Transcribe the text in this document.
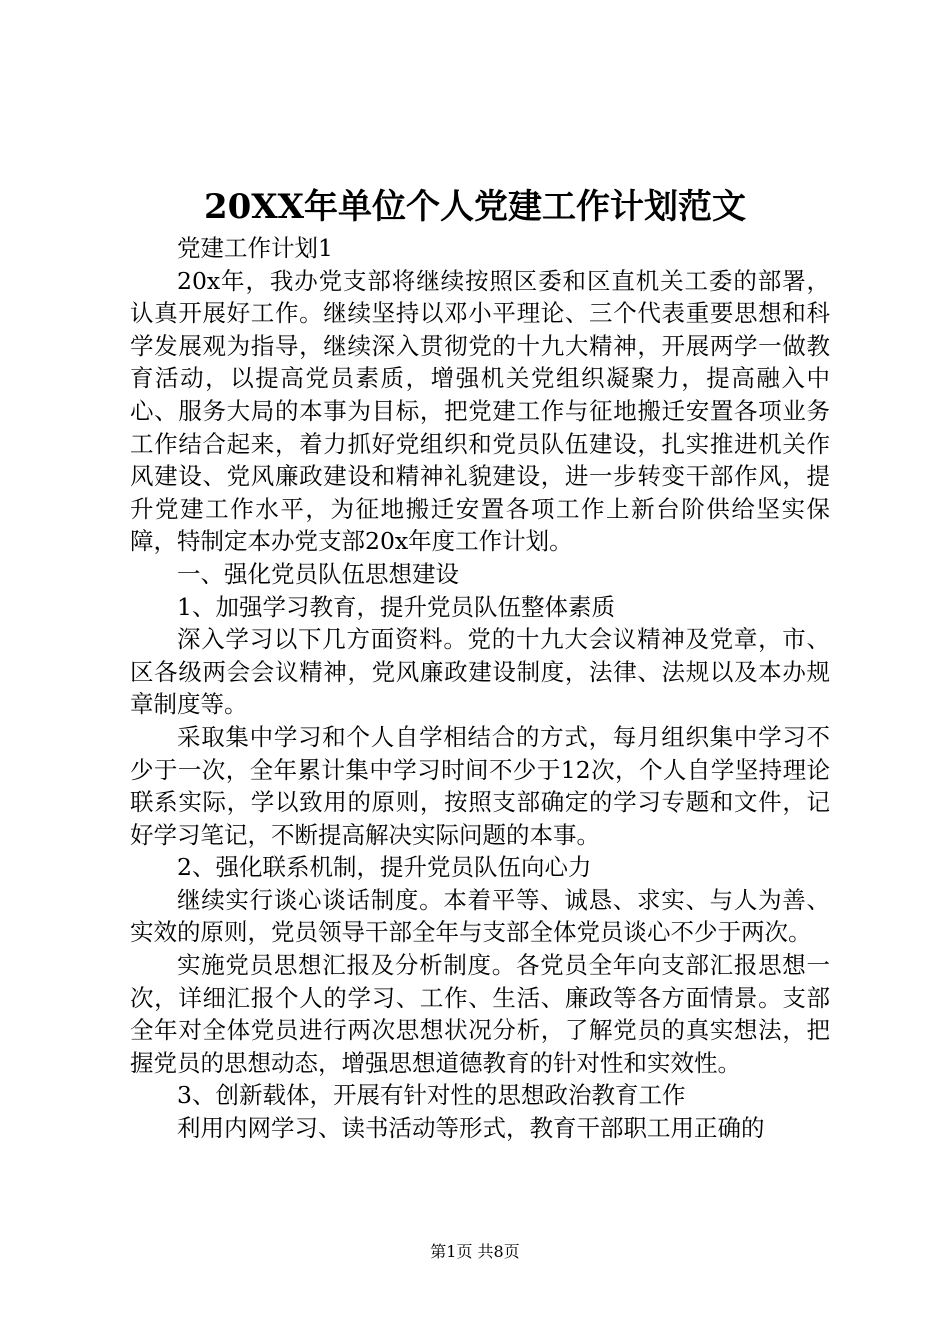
20XX年单位个人党建工作计划范文

党建工作计划1

20x年，我办党支部将继续按照区委和区直机关工委的部署，认真开展好工作。继续坚持以邓小平理论、三个代表重要思想和科学发展观为指导，继续深入贯彻党的十九大精神，开展两学一做教育活动，以提高党员素质，增强机关党组织凝聚力，提高融入中心、服务大局的本事为目标，把党建工作与征地搬迁安置各项业务工作结合起来，着力抓好党组织和党员队伍建设，扎实推进机关作风建设、党风廉政建设和精神礼貌建设，进一步转变干部作风，提升党建工作水平，为征地搬迁安置各项工作上新台阶供给坚实保障，特制定本办党支部20x年度工作计划。

一、强化党员队伍思想建设

1、加强学习教育，提升党员队伍整体素质

深入学习以下几方面资料。党的十九大会议精神及党章，市、区各级两会会议精神，党风廉政建设制度，法律、法规以及本办规章制度等。

采取集中学习和个人自学相结合的方式，每月组织集中学习不少于一次，全年累计集中学习时间不少于12次，个人自学坚持理论联系实际，学以致用的原则，按照支部确定的学习专题和文件，记好学习笔记，不断提高解决实际问题的本事。

2、强化联系机制，提升党员队伍向心力

继续实行谈心谈话制度。本着平等、诚恳、求实、与人为善、实效的原则，党员领导干部全年与支部全体党员谈心不少于两次。

实施党员思想汇报及分析制度。各党员全年向支部汇报思想一次，详细汇报个人的学习、工作、生活、廉政等各方面情景。支部全年对全体党员进行两次思想状况分析，了解党员的真实想法，把握党员的思想动态，增强思想道德教育的针对性和实效性。

3、创新载体，开展有针对性的思想政治教育工作

利用内网学习、读书活动等形式，教育干部职工用正确的

第1页 共8页
